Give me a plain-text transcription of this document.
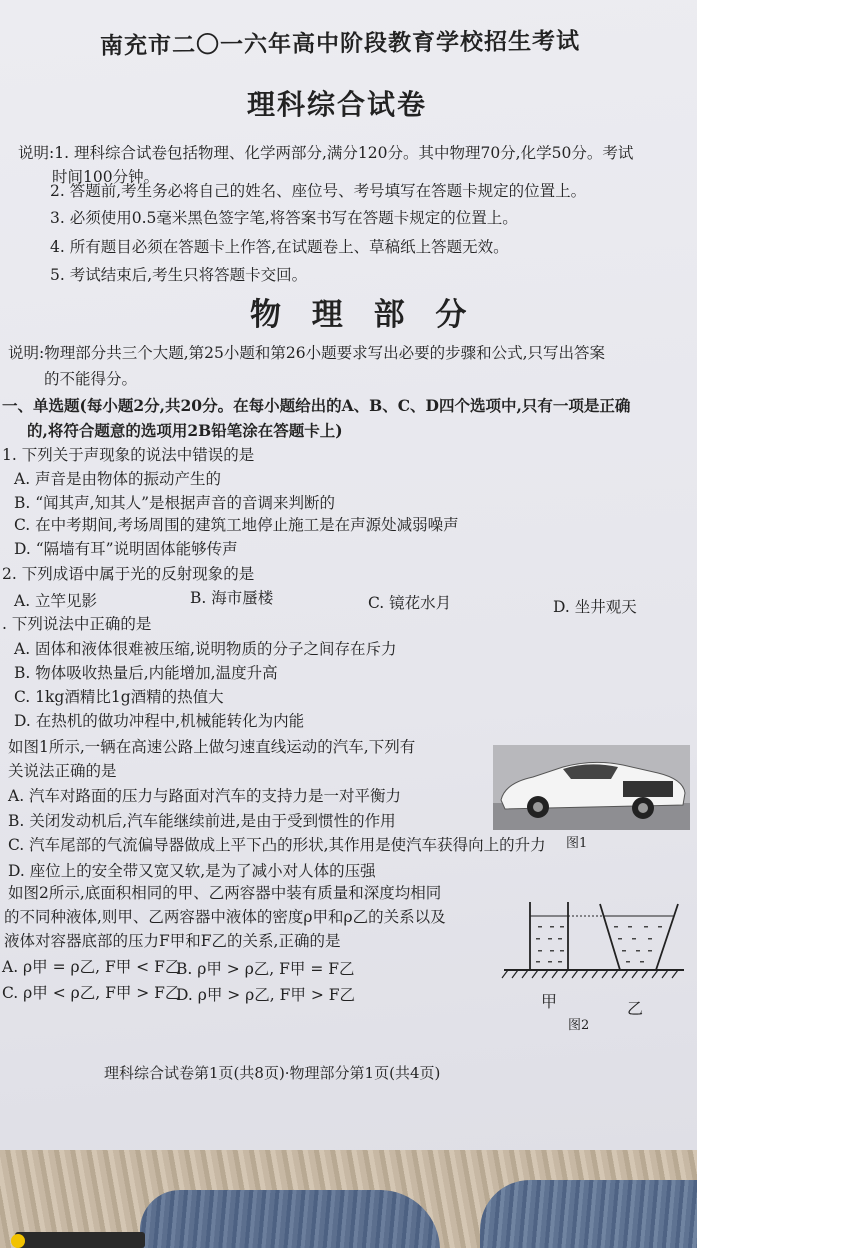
南充市二〇一六年高中阶段教育学校招生考试
理科综合试卷
说明:1. 理科综合试卷包括物理、化学两部分,满分120分。其中物理70分,化学50分。考试
时间100分钟。
2. 答题前,考生务必将自己的姓名、座位号、考号填写在答题卡规定的位置上。
3. 必须使用0.5毫米黑色签字笔,将答案书写在答题卡规定的位置上。
4. 所有题目必须在答题卡上作答,在试题卷上、草稿纸上答题无效。
5. 考试结束后,考生只将答题卡交回。
物 理 部 分
说明:物理部分共三个大题,第25小题和第26小题要求写出必要的步骤和公式,只写出答案
的不能得分。
一、单选题(每小题2分,共20分。在每小题给出的A、B、C、D四个选项中,只有一项是正确
的,将符合题意的选项用2B铅笔涂在答题卡上)
1. 下列关于声现象的说法中错误的是
A. 声音是由物体的振动产生的
B. “闻其声,知其人”是根据声音的音调来判断的
C. 在中考期间,考场周围的建筑工地停止施工是在声源处减弱噪声
D. “隔墙有耳”说明固体能够传声
2. 下列成语中属于光的反射现象的是
A. 立竿见影	B. 海市蜃楼	C. 镜花水月	D. 坐井观天
. 下列说法中正确的是
A. 固体和液体很难被压缩,说明物质的分子之间存在斥力
B. 物体吸收热量后,内能增加,温度升高
C. 1kg酒精比1g酒精的热值大
D. 在热机的做功冲程中,机械能转化为内能
如图1所示,一辆在高速公路上做匀速直线运动的汽车,下列有
关说法正确的是
A. 汽车对路面的压力与路面对汽车的支持力是一对平衡力
B. 关闭发动机后,汽车能继续前进,是由于受到惯性的作用
C. 汽车尾部的气流偏导器做成上平下凸的形状,其作用是使汽车获得向上的升力
D. 座位上的安全带又宽又软,是为了减小对人体的压强
图1
如图2所示,底面积相同的甲、乙两容器中装有质量和深度均相同
的不同种液体,则甲、乙两容器中液体的密度ρ甲和ρ乙的关系以及
液体对容器底部的压力F甲和F乙的关系,正确的是
A. ρ甲 = ρ乙, F甲 < F乙
B. ρ甲 > ρ乙, F甲 = F乙
C. ρ甲 < ρ乙, F甲 > F乙
D. ρ甲 > ρ乙, F甲 > F乙	甲	乙
图2
理科综合试卷第1页(共8页)·物理部分第1页(共4页)
